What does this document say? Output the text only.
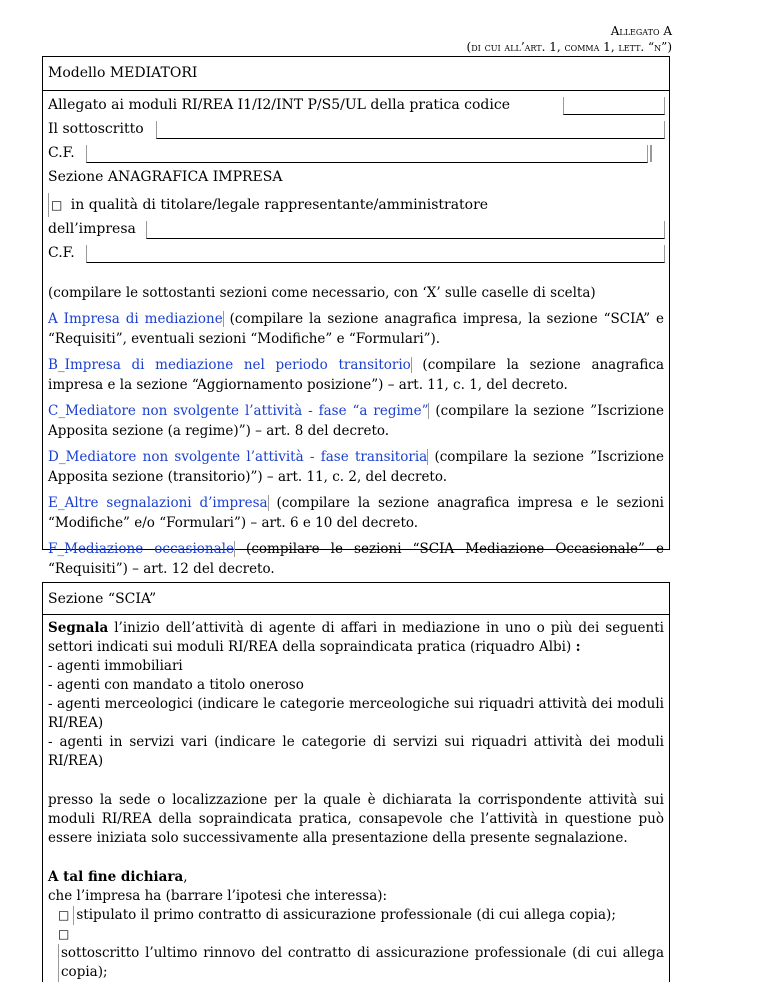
Allegato A
(di cui all’art. 1, comma 1, lett. “n”)
Modello MEDIATORI
Allegato ai moduli RI/REA I1/I2/INT P/S5/UL della pratica codice
Il sottoscritto
C.F.
Sezione ANAGRAFICA IMPRESA
□ in qualità di titolare/legale rappresentante/amministratore
dell’impresa
C.F.
(compilare le sottostanti sezioni come necessario, con ‘X’ sulle caselle di scelta)
A Impresa di mediazione (compilare la sezione anagrafica impresa, la sezione “SCIA” e “Requisiti”, eventuali sezioni “Modifiche” e “Formulari”).
B_Impresa di mediazione nel periodo transitorio (compilare la sezione anagrafica impresa e la sezione “Aggiornamento posizione”) – art. 11, c. 1, del decreto.
C_Mediatore non svolgente l’attività - fase “a regime” (compilare la sezione ”Iscrizione Apposita sezione (a regime)”) – art. 8 del decreto.
D_Mediatore non svolgente l’attività - fase transitoria (compilare la sezione ”Iscrizione Apposita sezione (transitorio)”) – art. 11, c. 2, del decreto.
E_Altre segnalazioni d’impresa (compilare la sezione anagrafica impresa e le sezioni “Modifiche” e/o “Formulari”) – art. 6 e 10 del decreto.
F_Mediazione occasionale (compilare le sezioni “SCIA Mediazione Occasionale” e “Requisiti”) – art. 12 del decreto.
Sezione “SCIA”

Segnala l’inizio dell’attività di agente di affari in mediazione in uno o più dei seguenti settori indicati sui moduli RI/REA della sopraindicata pratica (riquadro Albi) :

- agenti immobiliari

- agenti con mandato a titolo oneroso

- agenti merceologici (indicare le categorie merceologiche sui riquadri attività dei moduli RI/REA)

- agenti in servizi vari (indicare le categorie di servizi sui riquadri attività dei moduli RI/REA)

presso la sede o localizzazione per la quale è dichiarata la corrispondente attività sui moduli RI/REA della sopraindicata pratica, consapevole che l’attività in questione può essere iniziata solo successivamente alla presentazione della presente segnalazione.

A tal fine dichiara,

che l’impresa ha (barrare l’ipotesi che interessa):

□ stipulato il primo contratto di assicurazione professionale (di cui allega copia);

□sottoscritto l’ultimo rinnovo del contratto di assicurazione professionale (di cui allega copia);
